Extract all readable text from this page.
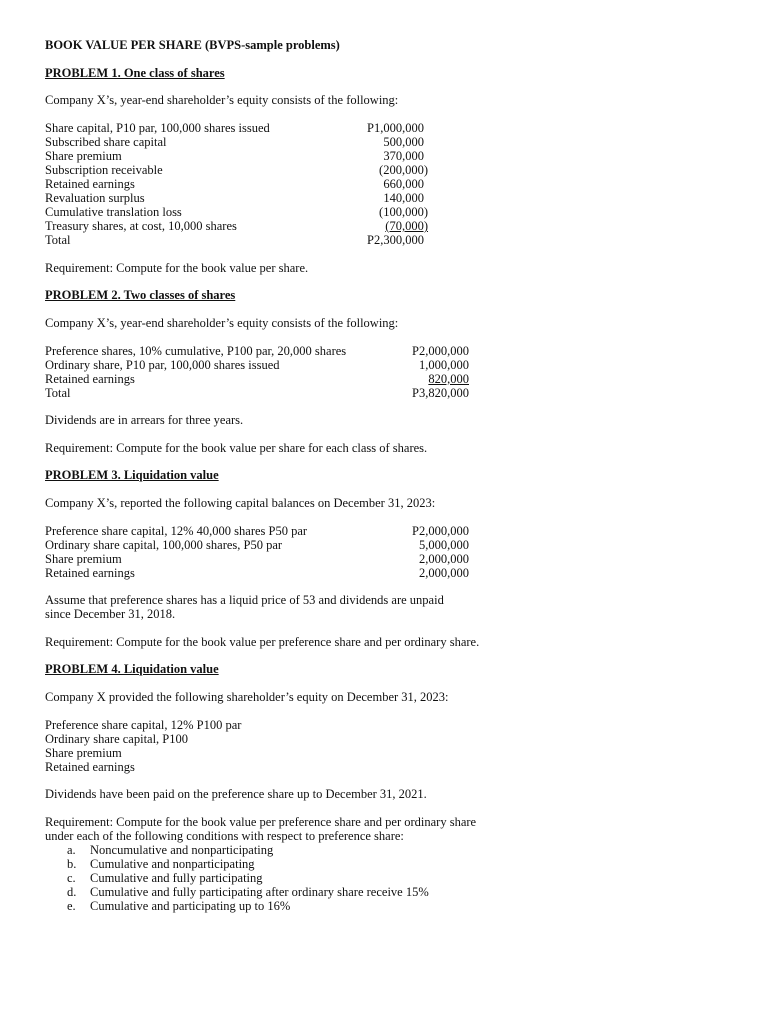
BOOK VALUE PER SHARE (BVPS-sample problems)
PROBLEM 1. One class of shares
Company X’s, year-end shareholder’s equity consists of the following:
Share capital, P10 par, 100,000 shares issued	P1,000,000
Subscribed share capital	500,000
Share premium	370,000
Subscription receivable	(200,000)
Retained earnings	660,000
Revaluation surplus	140,000
Cumulative translation loss	(100,000)
Treasury shares, at cost, 10,000 shares	(70,000)
Total	P2,300,000
Requirement: Compute for the book value per share.
PROBLEM 2. Two classes of shares
Company X’s, year-end shareholder’s equity consists of the following:
Preference shares, 10% cumulative, P100 par, 20,000 shares	P2,000,000
Ordinary share, P10 par, 100,000 shares issued	1,000,000
Retained earnings	820,000
Total	P3,820,000
Dividends are in arrears for three years.
Requirement: Compute for the book value per share for each class of shares.
PROBLEM 3. Liquidation value
Company X’s, reported the following capital balances on December 31, 2023:
Preference share capital, 12% 40,000 shares P50 par	P2,000,000
Ordinary share capital, 100,000 shares, P50 par	5,000,000
Share premium	2,000,000
Retained earnings	2,000,000
Assume that preference shares has a liquid price of 53 and dividends are unpaid
since December 31, 2018.
Requirement: Compute for the book value per preference share and per ordinary share.
PROBLEM 4. Liquidation value
Company X provided the following shareholder’s equity on December 31, 2023:
Preference share capital, 12% P100 par
Ordinary share capital, P100
Share premium
Retained earnings
Dividends have been paid on the preference share up to December 31, 2021.
Requirement: Compute for the book value per preference share and per ordinary share
under each of the following conditions with respect to preference share:
a. Noncumulative and nonparticipating
b. Cumulative and nonparticipating
c. Cumulative and fully participating
d. Cumulative and fully participating after ordinary share receive 15%
e. Cumulative and participating up to 16%
